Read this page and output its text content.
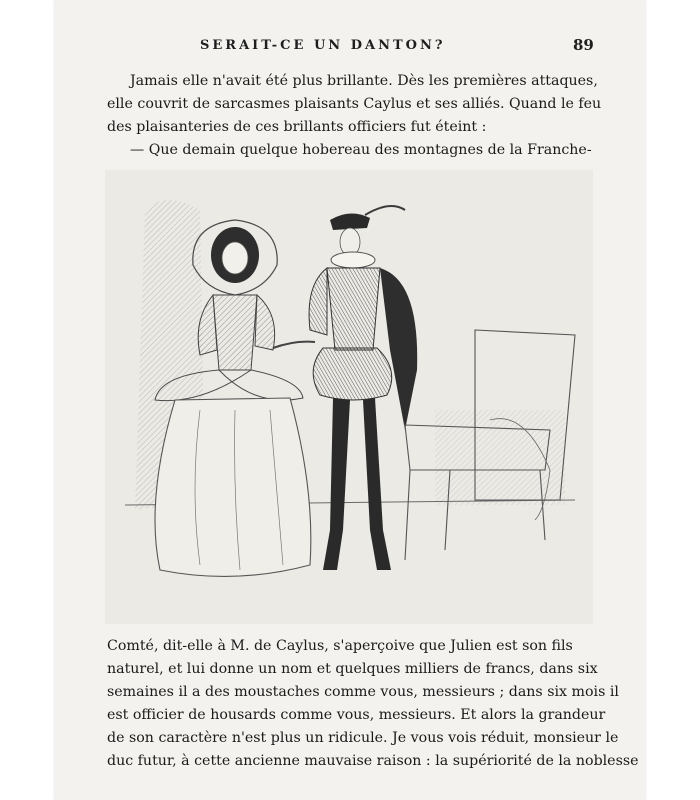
SERAIT-CE UN DANTON?	89
Jamais elle n'avait été plus brillante. Dès les premières attaques,
elle couvrit de sarcasmes plaisants Caylus et ses alliés. Quand le feu
des plaisanteries de ces brillants officiers fut éteint :
— Que demain quelque hobereau des montagnes de la Franche-
Comté, dit-elle à M. de Caylus, s'aperçoive que Julien est son fils
naturel, et lui donne un nom et quelques milliers de francs, dans six
semaines il a des moustaches comme vous, messieurs ; dans six mois il
est officier de housards comme vous, messieurs. Et alors la grandeur
de son caractère n'est plus un ridicule. Je vous vois réduit, monsieur le
duc futur, à cette ancienne mauvaise raison : la supériorité de la noblesse
